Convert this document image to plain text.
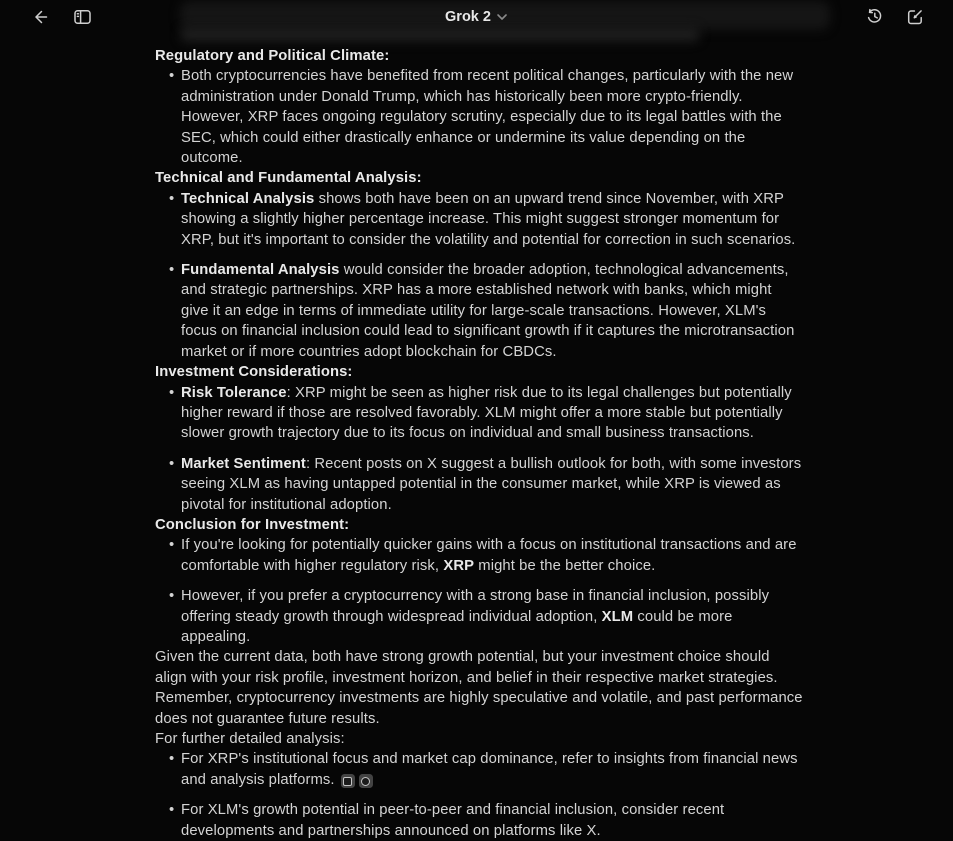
Grok 2
Regulatory and Political Climate:
• Both cryptocurrencies have benefited from recent political changes, particularly with the new administration under Donald Trump, which has historically been more crypto-friendly. However, XRP faces ongoing regulatory scrutiny, especially due to its legal battles with the SEC, which could either drastically enhance or undermine its value depending on the outcome.
Technical and Fundamental Analysis:
• Technical Analysis shows both have been on an upward trend since November, with XRP showing a slightly higher percentage increase. This might suggest stronger momentum for XRP, but it's important to consider the volatility and potential for correction in such scenarios.
• Fundamental Analysis would consider the broader adoption, technological advancements, and strategic partnerships. XRP has a more established network with banks, which might give it an edge in terms of immediate utility for large-scale transactions. However, XLM's focus on financial inclusion could lead to significant growth if it captures the microtransaction market or if more countries adopt blockchain for CBDCs.
Investment Considerations:
• Risk Tolerance: XRP might be seen as higher risk due to its legal challenges but potentially higher reward if those are resolved favorably. XLM might offer a more stable but potentially slower growth trajectory due to its focus on individual and small business transactions.
• Market Sentiment: Recent posts on X suggest a bullish outlook for both, with some investors seeing XLM as having untapped potential in the consumer market, while XRP is viewed as pivotal for institutional adoption.
Conclusion for Investment:
• If you're looking for potentially quicker gains with a focus on institutional transactions and are comfortable with higher regulatory risk, XRP might be the better choice.
• However, if you prefer a cryptocurrency with a strong base in financial inclusion, possibly offering steady growth through widespread individual adoption, XLM could be more appealing.
Given the current data, both have strong growth potential, but your investment choice should align with your risk profile, investment horizon, and belief in their respective market strategies. Remember, cryptocurrency investments are highly speculative and volatile, and past performance does not guarantee future results.
For further detailed analysis:
• For XRP's institutional focus and market cap dominance, refer to insights from financial news and analysis platforms.
• For XLM's growth potential in peer-to-peer and financial inclusion, consider recent developments and partnerships announced on platforms like X.
